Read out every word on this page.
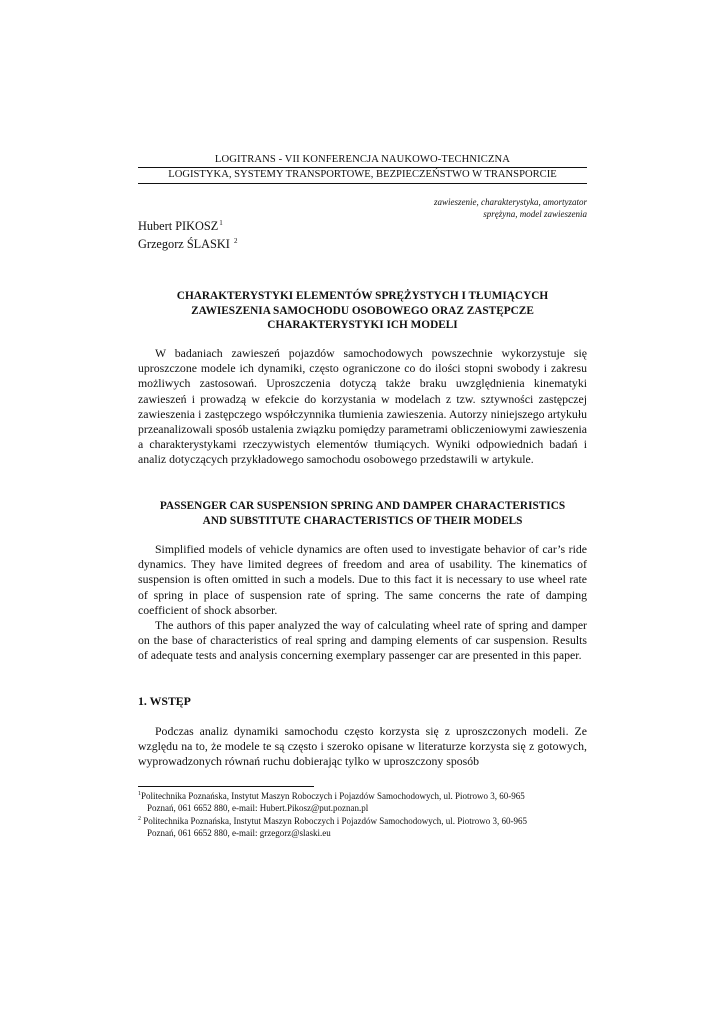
LOGITRANS - VII KONFERENCJA NAUKOWO-TECHNICZNA
LOGISTYKA, SYSTEMY TRANSPORTOWE, BEZPIECZEŃSTWO W TRANSPORCIE
zawieszenie, charakterystyka, amortyzator
sprężyna, model zawieszenia
Hubert PIKOSZ$^1$
Grzegorz ŚLASKI $^2$
CHARAKTERYSTYKI ELEMENTÓW SPRĘŻYSTYCH I TŁUMIĄCYCH
ZAWIESZENIA SAMOCHODU OSOBOWEGO ORAZ ZASTĘPCZE
CHARAKTERYSTYKI ICH MODELI

W badaniach zawieszeń pojazdów samochodowych powszechnie wykorzystuje się uproszczone modele ich dynamiki, często ograniczone co do ilości stopni swobody i zakresu możliwych zastosowań. Uproszczenia dotyczą także braku uwzględnienia kinematyki zawieszeń i prowadzą w efekcie do korzystania w modelach z tzw. sztywności zastępczej zawieszenia i zastępczego współczynnika tłumienia zawieszenia. Autorzy niniejszego artykułu przeanalizowali sposób ustalenia związku pomiędzy parametrami obliczeniowymi zawieszenia a charakterystykami rzeczywistych elementów tłumiących. Wyniki odpowiednich badań i analiz dotyczących przykładowego samochodu osobowego przedstawili w artykule.

PASSENGER CAR SUSPENSION SPRING AND DAMPER CHARACTERISTICS
AND SUBSTITUTE CHARACTERISTICS OF THEIR MODELS

Simplified models of vehicle dynamics are often used to investigate behavior of car’s ride dynamics. They have limited degrees of freedom and area of usability. The kinematics of suspension is often omitted in such a models. Due to this fact it is necessary to use wheel rate of spring in place of suspension rate of spring. The same concerns the rate of damping coefficient of shock absorber.

The authors of this paper analyzed the way of calculating wheel rate of spring and damper on the base of characteristics of real spring and damping elements of car suspension. Results of adequate tests and analysis concerning exemplary passenger car are presented in this paper.

1. WSTĘP

Podczas analiz dynamiki samochodu często korzysta się z uproszczonych modeli. Ze względu na to, że modele te są często i szeroko opisane w literaturze korzysta się z gotowych, wyprowadzonych równań ruchu dobierając tylko w uproszczony sposób

$^1$Politechnika Poznańska, Instytut Maszyn Roboczych i Pojazdów Samochodowych, ul. Piotrowo 3, 60-965

Poznań, 061 6652 880, e-mail: Hubert.Pikosz@put.poznan.pl

$^2$ Politechnika Poznańska, Instytut Maszyn Roboczych i Pojazdów Samochodowych, ul. Piotrowo 3, 60-965

Poznań, 061 6652 880, e-mail: grzegorz@slaski.eu
